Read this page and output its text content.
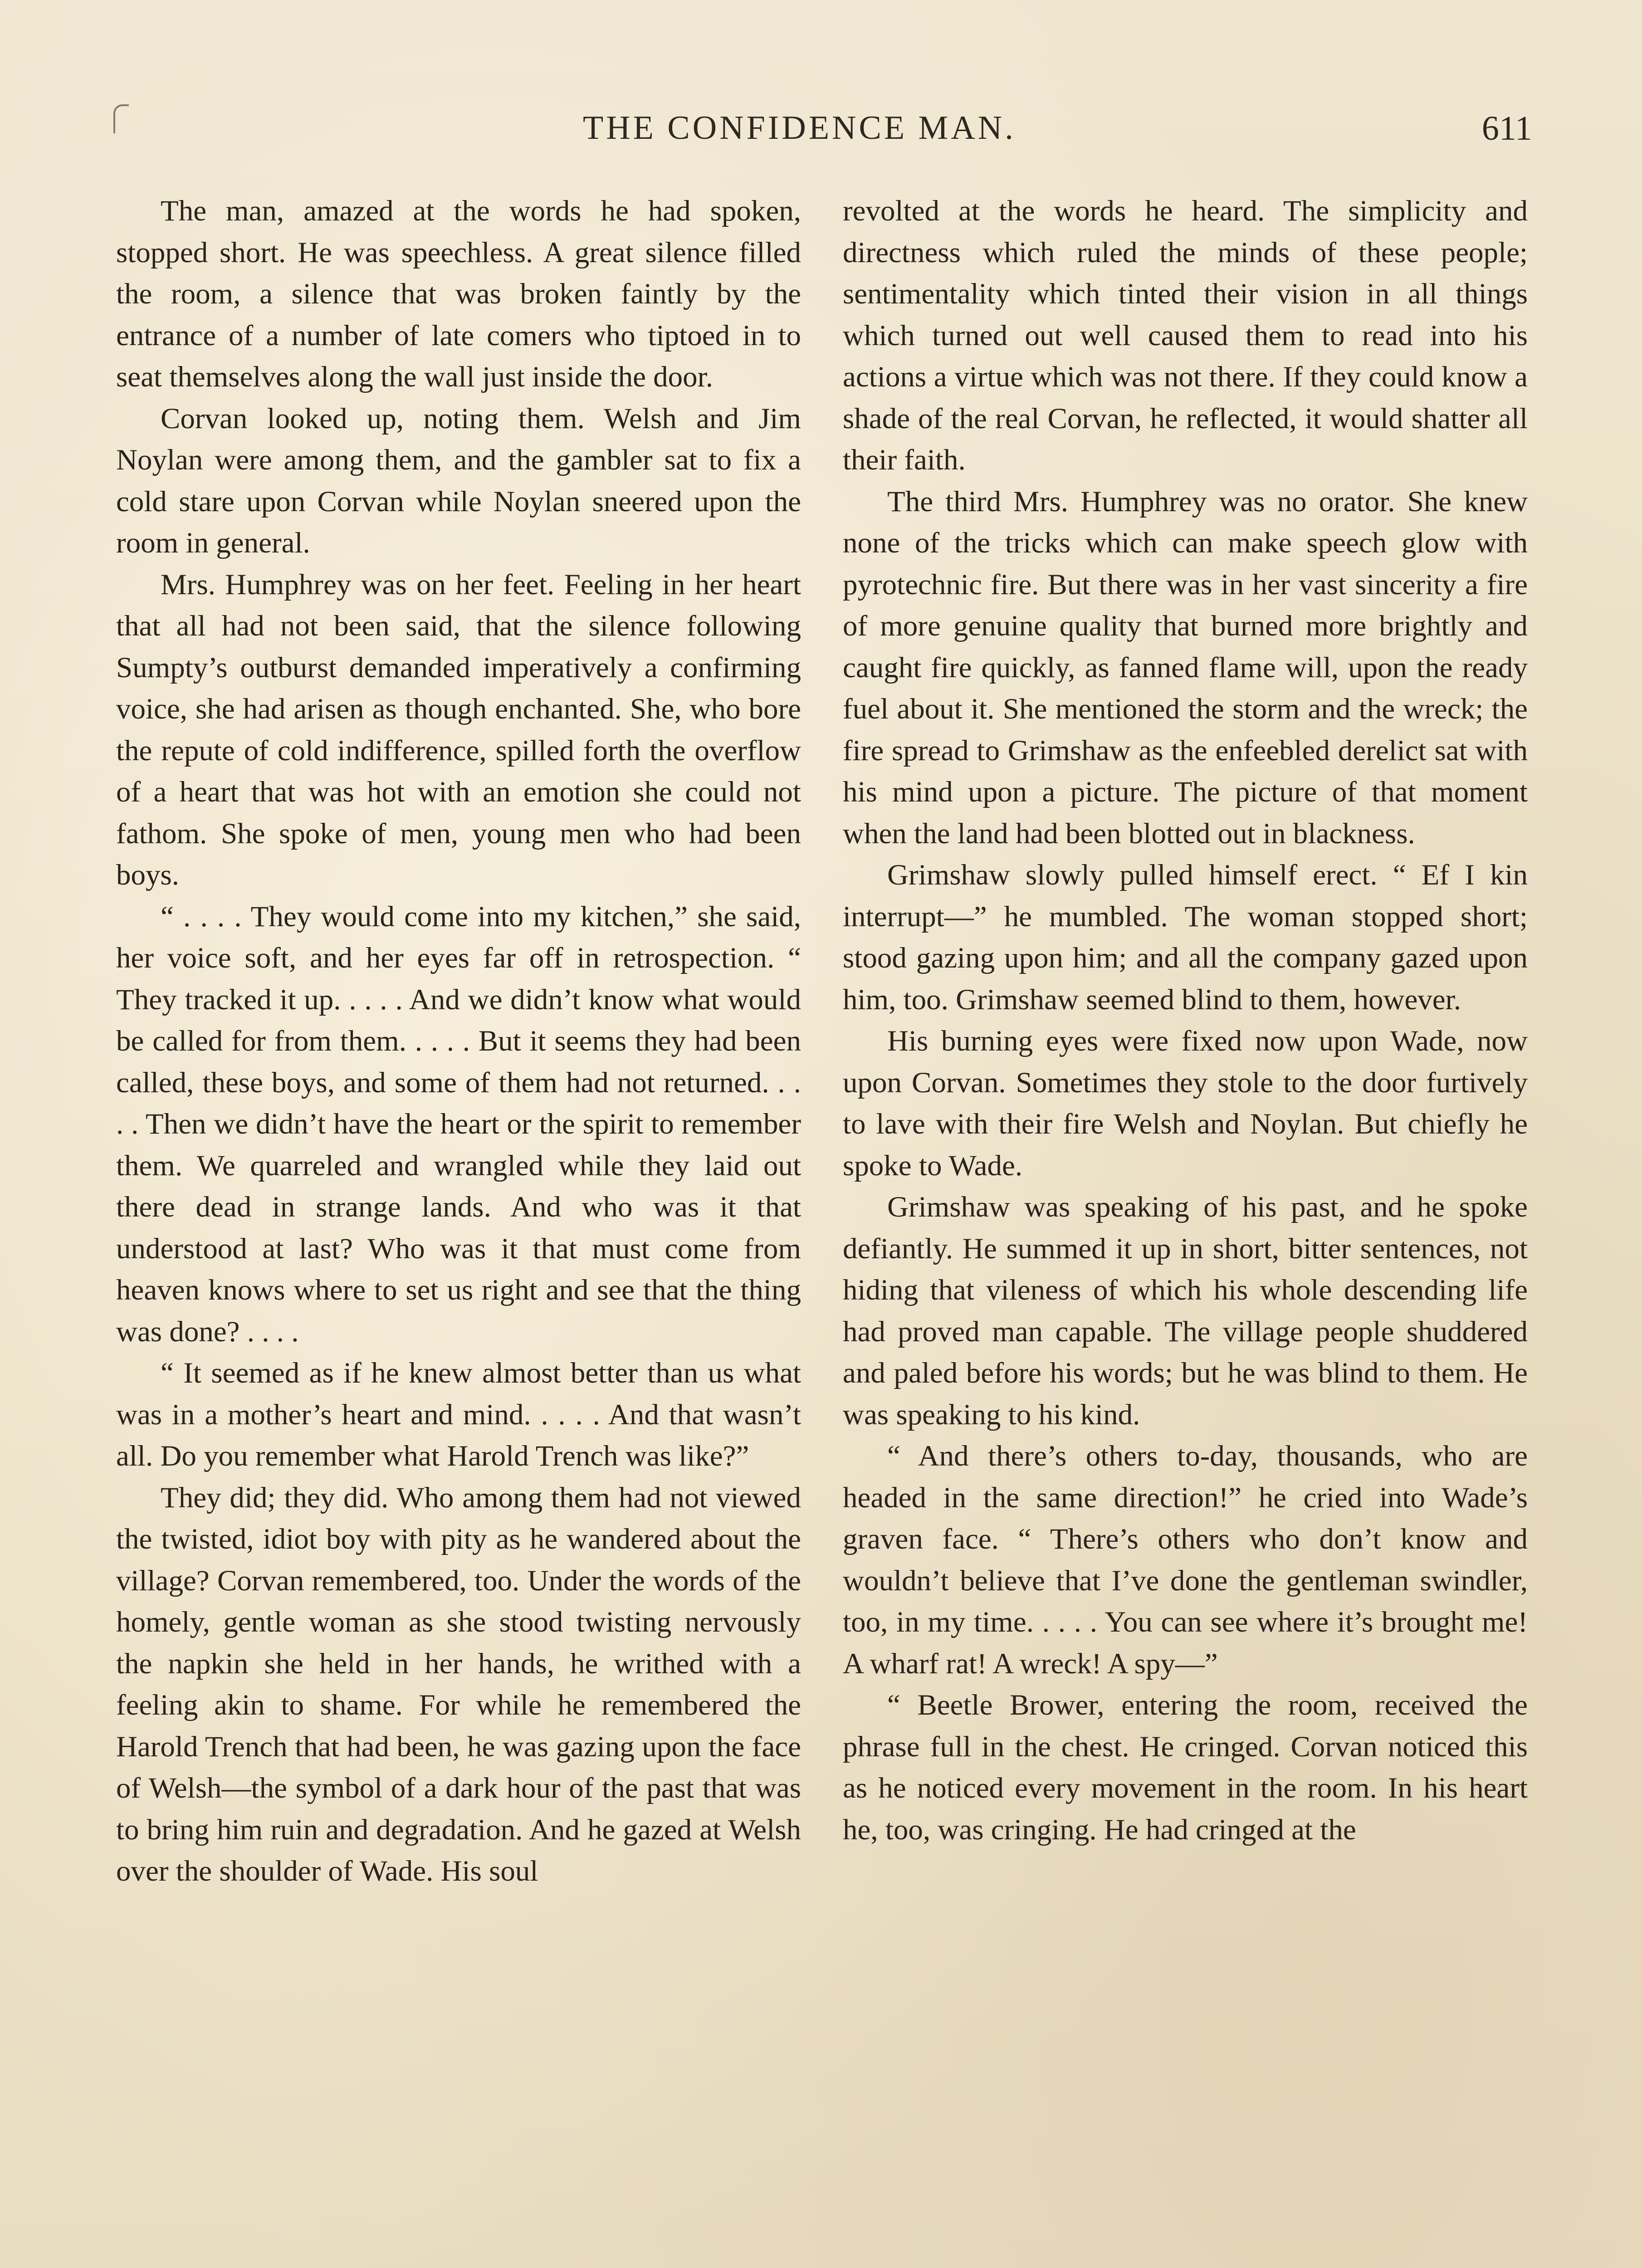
THE CONFIDENCE MAN.	611

The man, amazed at the words he had spoken, stopped short. He was speechless. A great silence filled the room, a silence that was broken faintly by the entrance of a number of late comers who tiptoed in to seat themselves along the wall just inside the door.

Corvan looked up, noting them. Welsh and Jim Noylan were among them, and the gambler sat to fix a cold stare upon Corvan while Noylan sneered upon the room in general.

Mrs. Humphrey was on her feet. Feeling in her heart that all had not been said, that the silence following Sumpty’s outburst demanded imperatively a confirming voice, she had arisen as though enchanted. She, who bore the repute of cold indifference, spilled forth the overflow of a heart that was hot with an emotion she could not fathom. She spoke of men, young men who had been boys.

“ . . . . They would come into my kitchen,” she said, her voice soft, and her eyes far off in retrospection. “ They tracked it up. . . . . And we didn’t know what would be called for from them. . . . . But it seems they had been called, these boys, and some of them had not returned. . . . . Then we didn’t have the heart or the spirit to remember them. We quarreled and wrangled while they laid out there dead in strange lands. And who was it that understood at last? Who was it that must come from heaven knows where to set us right and see that the thing was done? . . . .

“ It seemed as if he knew almost better than us what was in a mother’s heart and mind. . . . . And that wasn’t all. Do you remember what Harold Trench was like?”

They did; they did. Who among them had not viewed the twisted, idiot boy with pity as he wandered about the village? Corvan remembered, too. Under the words of the homely, gentle woman as she stood twisting nervously the napkin she held in her hands, he writhed with a feeling akin to shame. For while he remembered the Harold Trench that had been, he was gazing upon the face of Welsh—the symbol of a dark hour of the past that was to bring him ruin and degradation. And he gazed at Welsh over the shoulder of Wade. His soul

revolted at the words he heard. The simplicity and directness which ruled the minds of these people; sentimentality which tinted their vision in all things which turned out well caused them to read into his actions a virtue which was not there. If they could know a shade of the real Corvan, he reflected, it would shatter all their faith.

The third Mrs. Humphrey was no orator. She knew none of the tricks which can make speech glow with pyrotechnic fire. But there was in her vast sincerity a fire of more genuine quality that burned more brightly and caught fire quickly, as fanned flame will, upon the ready fuel about it. She mentioned the storm and the wreck; the fire spread to Grimshaw as the enfeebled derelict sat with his mind upon a picture. The picture of that moment when the land had been blotted out in blackness.

Grimshaw slowly pulled himself erect. “ Ef I kin interrupt—” he mumbled. The woman stopped short; stood gazing upon him; and all the company gazed upon him, too. Grimshaw seemed blind to them, however.

His burning eyes were fixed now upon Wade, now upon Corvan. Sometimes they stole to the door furtively to lave with their fire Welsh and Noylan. But chiefly he spoke to Wade.

Grimshaw was speaking of his past, and he spoke defiantly. He summed it up in short, bitter sentences, not hiding that vileness of which his whole descending life had proved man capable. The village people shuddered and paled before his words; but he was blind to them. He was speaking to his kind.

“ And there’s others to-day, thousands, who are headed in the same direction!” he cried into Wade’s graven face. “ There’s others who don’t know and wouldn’t believe that I’ve done the gentleman swindler, too, in my time. . . . . You can see where it’s brought me! A wharf rat! A wreck! A spy—”

“ Beetle Brower, entering the room, received the phrase full in the chest. He cringed. Corvan noticed this as he noticed every movement in the room. In his heart he, too, was cringing. He had cringed at the
